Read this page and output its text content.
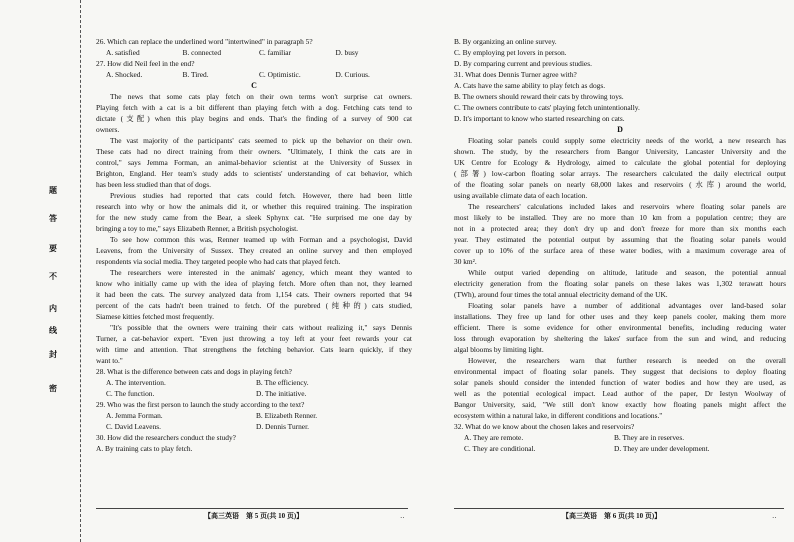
题
答
要
不
内
线
封
密
26. Which can replace the underlined word "intertwined" in paragraph 5?
A. satisfied	B. connected	C. familiar	D. busy
27. How did Neil feel in the end?
A. Shocked.	B. Tired.	C. Optimistic.	D. Curious.
C
The news that some cats play fetch on their own terms won't surprise cat owners.
Playing fetch with a cat is a bit different than playing fetch with a dog. Fetching cats tend to
dictate (支配) when this play begins and ends. That's the finding of a survey of 900 cat
owners.
The vast majority of the participants' cats seemed to pick up the behavior on their own.
These cats had no direct training from their owners. "Ultimately, I think the cats are in
control," says Jemma Forman, an animal-behavior scientist at the University of Sussex in
Brighton, England. Her team's study adds to scientists' understanding of cat behavior, which
has been less studied than that of dogs.
Previous studies had reported that cats could fetch. However, there had been little
research into why or how the animals did it, or whether this required training. The inspiration
for the new study came from the Bear, a sleek Sphynx cat. "He surprised me one day by
bringing a toy to me," says Elizabeth Renner, a British psychologist.
To see how common this was, Renner teamed up with Forman and a psychologist, David
Leavens, from the University of Sussex. They created an online survey and then employed
respondents via social media. They targeted people who had cats that played fetch.
The researchers were interested in the animals' agency, which meant they wanted to
know who initially came up with the idea of playing fetch. More often than not, they learned
it had been the cats. The survey analyzed data from 1,154 cats. Their owners reported that 94
percent of the cats hadn't been trained to fetch. Of the purebred (纯种的) cats studied,
Siamese kitties fetched most frequently.
"It's possible that the owners were training their cats without realizing it," says Dennis
Turner, a cat-behavior expert. "Even just throwing a toy left at your feet rewards your cat
with time and attention. That strengthens the fetching behavior. Cats learn quickly, if they
want to."
28. What is the difference between cats and dogs in playing fetch?
A. The intervention.	B. The efficiency.
C. The function.	D. The initiative.
29. Who was the first person to launch the study according to the text?
A. Jemma Forman.	B. Elizabeth Renner.
C. David Leavens.	D. Dennis Turner.
30. How did the researchers conduct the study?
A. By training cats to play fetch.
B. By organizing an online survey.
C. By employing pet lovers in person.
D. By comparing current and previous studies.
31. What does Dennis Turner agree with?
A. Cats have the same ability to play fetch as dogs.
B. The owners should reward their cats by throwing toys.
C. The owners contribute to cats' playing fetch unintentionally.
D. It's important to know who started researching on cats.
D
Floating solar panels could supply some electricity needs of the world, a new research has
shown. The study, by the researchers from Bangor University, Lancaster University and the
UK Centre for Ecology & Hydrology, aimed to calculate the global potential for deploying
(部署) low-carbon floating solar arrays. The researchers calculated the daily electrical output
of the floating solar panels on nearly 68,000 lakes and reservoirs (水库) around the world,
using available climate data of each location.
The researchers' calculations included lakes and reservoirs where floating solar panels are
most likely to be installed. They are no more than 10 km from a population centre; they are
not in a protected area; they don't dry up and don't freeze for more than six months each
year. They estimated the potential output by assuming that the floating solar panels would
cover up to 10% of the surface area of these water bodies, with a maximum coverage area of
30 km².
While output varied depending on altitude, latitude and season, the potential annual
electricity generation from the floating solar panels on these lakes was 1,302 terawatt hours
(TWh), around four times the total annual electricity demand of the UK.
Floating solar panels have a number of additional advantages over land-based solar
installations. They free up land for other uses and they keep panels cooler, making them more
efficient. There is some evidence for other environmental benefits, including reducing water
loss through evaporation by sheltering the lakes' surface from the sun and wind, and reducing
algal blooms by limiting light.
However, the researchers warn that further research is needed on the overall
environmental impact of floating solar panels. They suggest that decisions to deploy floating
solar panels should consider the intended function of water bodies and how they are used, as
well as the potential ecological impact. Lead author of the paper, Dr Iestyn Woolway of
Bangor University, said, "We still don't know exactly how floating panels might affect the
ecosystem within a natural lake, in different conditions and locations."
32. What do we know about the chosen lakes and reservoirs?
A. They are remote.	B. They are in reserves.
C. They are conditional.	D. They are under development.
【高三英语　第 5 页(共 10 页)】	··	【高三英语　第 6 页(共 10 页)】	··
